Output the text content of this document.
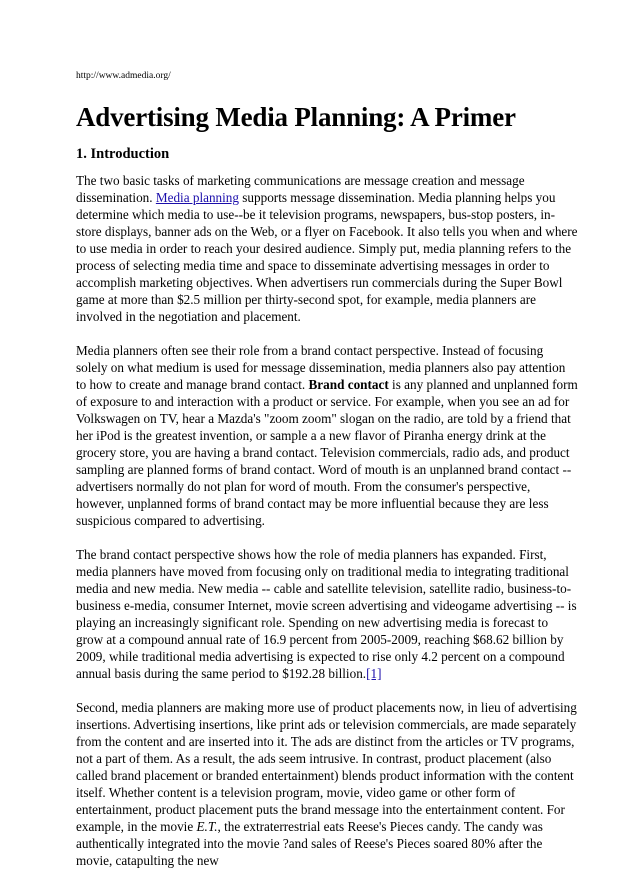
http://www.admedia.org/
Advertising Media Planning: A Primer
1. Introduction

The two basic tasks of marketing communications are message creation and message dissemination. Media planning supports message dissemination. Media planning helps you determine which media to use--be it television programs, newspapers, bus-stop posters, in-store displays, banner ads on the Web, or a flyer on Facebook. It also tells you when and where to use media in order to reach your desired audience. Simply put, media planning refers to the process of selecting media time and space to disseminate advertising messages in order to accomplish marketing objectives. When advertisers run commercials during the Super Bowl game at more than $2.5 million per thirty-second spot, for example, media planners are involved in the negotiation and placement.

Media planners often see their role from a brand contact perspective. Instead of focusing solely on what medium is used for message dissemination, media planners also pay attention to how to create and manage brand contact. Brand contact is any planned and unplanned form of exposure to and interaction with a product or service. For example, when you see an ad for Volkswagen on TV, hear a Mazda's "zoom zoom" slogan on the radio, are told by a friend that her iPod is the greatest invention, or sample a a new flavor of Piranha energy drink at the grocery store, you are having a brand contact. Television commercials, radio ads, and product sampling are planned forms of brand contact. Word of mouth is an unplanned brand contact -- advertisers normally do not plan for word of mouth. From the consumer's perspective, however, unplanned forms of brand contact may be more influential because they are less suspicious compared to advertising.

The brand contact perspective shows how the role of media planners has expanded. First, media planners have moved from focusing only on traditional media to integrating traditional media and new media. New media -- cable and satellite television, satellite radio, business-to-business e-media, consumer Internet, movie screen advertising and videogame advertising -- is playing an increasingly significant role. Spending on new advertising media is forecast to grow at a compound annual rate of 16.9 percent from 2005-2009, reaching $68.62 billion by 2009, while traditional media advertising is expected to rise only 4.2 percent on a compound annual basis during the same period to $192.28 billion.[1]

Second, media planners are making more use of product placements now, in lieu of advertising insertions. Advertising insertions, like print ads or television commercials, are made separately from the content and are inserted into it. The ads are distinct from the articles or TV programs, not a part of them. As a result, the ads seem intrusive. In contrast, product placement (also called brand placement or branded entertainment) blends product information with the content itself. Whether content is a television program, movie, video game or other form of entertainment, product placement puts the brand message into the entertainment content. For example, in the movie E.T., the extraterrestrial eats Reese's Pieces candy. The candy was authentically integrated into the movie ?and sales of Reese's Pieces soared 80% after the movie, catapulting the new
